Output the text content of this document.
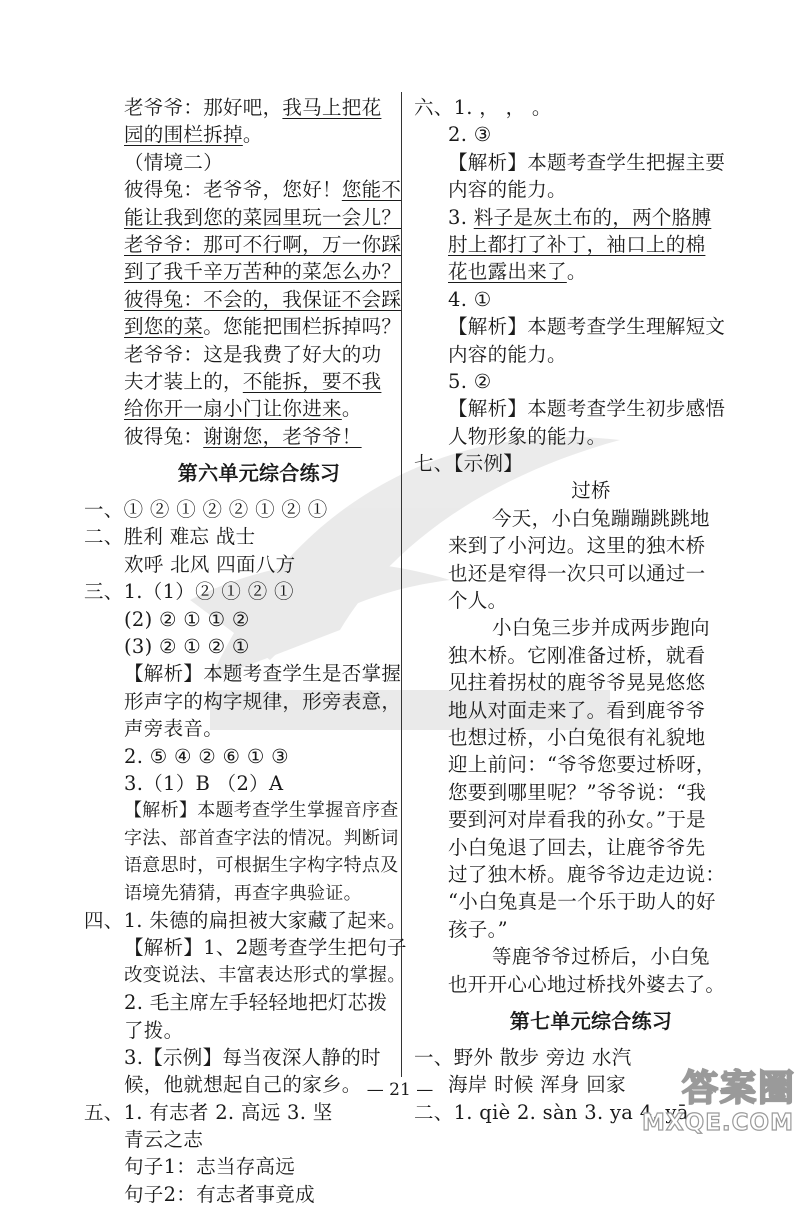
老爷爷：那好吧，我马上把花
园的围栏拆掉。
（情境二）
彼得兔：老爷爷，您好！您能不
能让我到您的菜园里玩一会儿？
老爷爷：那可不行啊，万一你踩
到了我千辛万苦种的菜怎么办？
彼得兔：不会的，我保证不会踩
到您的菜。您能把围栏拆掉吗？
老爷爷：这是我费了好大的功
夫才装上的，不能拆，要不我
给你开一扇小门让你进来。
彼得兔：谢谢您，老爷爷！
第六单元综合练习
一、① ② ① ② ② ① ② ①
二、胜利 难忘 战士
欢呼 北风 四面八方
三、1.（1）② ① ② ①
(2) ② ① ① ②
(3) ② ① ② ①
【解析】本题考查学生是否掌握
形声字的构字规律，形旁表意，
声旁表音。
2. ⑤ ④ ② ⑥ ① ③
3.（1）B （2）A
【解析】本题考查学生掌握音序查
字法、部首查字法的情况。判断词
语意思时，可根据生字构字特点及
语境先猜猜，再查字典验证。
四、1. 朱德的扁担被大家藏了起来。
【解析】1、2题考查学生把句子
改变说法、丰富表达形式的掌握。
2. 毛主席左手轻轻地把灯芯拨
了拨。
3.【示例】每当夜深人静的时
候，他就想起自己的家乡。
五、1. 有志者 2. 高远 3. 坚
青云之志
句子1：志当存高远
句子2：有志者事竟成
六、1. ， ， 。
2. ③
【解析】本题考查学生把握主要
内容的能力。
3. 料子是灰土布的，两个胳膊
肘上都打了补丁，袖口上的棉
花也露出来了。
4. ①
【解析】本题考查学生理解短文
内容的能力。
5. ②
【解析】本题考查学生初步感悟
人物形象的能力。
七、【示例】
过桥
今天，小白兔蹦蹦跳跳地
来到了小河边。这里的独木桥
也还是窄得一次只可以通过一
个人。
小白兔三步并成两步跑向
独木桥。它刚准备过桥，就看
见拄着拐杖的鹿爷爷晃晃悠悠
地从对面走来了。看到鹿爷爷
也想过桥，小白兔很有礼貌地
迎上前问：“爷爷您要过桥呀，
您要到哪里呢？”爷爷说：“我
要到河对岸看我的孙女。”于是
小白兔退了回去，让鹿爷爷先
过了独木桥。鹿爷爷边走边说：
“小白兔真是一个乐于助人的好
孩子。”
等鹿爷爷过桥后，小白兔
也开开心心地过桥找外婆去了。
第七单元综合练习
一、野外 散步 旁边 水汽
海岸 时候 浑身 回家
二、1. qiè 2. sàn 3. ya 4. yā
— 21 —	答 案 圈
MXQE.COM
